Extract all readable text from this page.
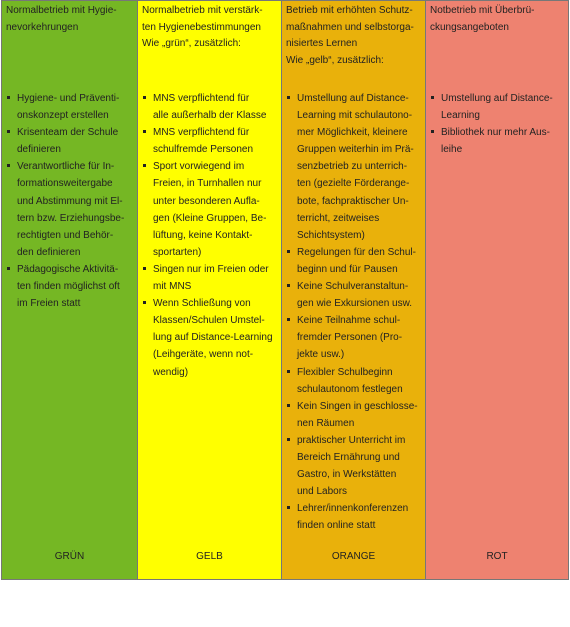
Normalbetrieb mit Hygie-
nevorkehrungen
Hygiene- und Präventi-
onskonzept erstellen
Krisenteam der Schule
definieren
Verantwortliche für In-
formationsweitergabe
und Abstimmung mit El-
tern bzw. Erziehungsbe-
rechtigten und Behör-
den definieren
Pädagogische Aktivitä-
ten finden möglichst oft
im Freien statt
GRÜN
Normalbetrieb mit verstärk-
ten Hygienebestimmungen
Wie „grün“, zusätzlich:
MNS verpflichtend für
alle außerhalb der Klasse
MNS verpflichtend für
schulfremde Personen
Sport vorwiegend im
Freien, in Turnhallen nur
unter besonderen Aufla-
gen (Kleine Gruppen, Be-
lüftung, keine Kontakt-
sportarten)
Singen nur im Freien oder
mit MNS
Wenn Schließung von
Klassen/Schulen Umstel-
lung auf Distance-Learning
(Leihgeräte, wenn not-
wendig)
GELB
Betrieb mit erhöhten Schutz-
maßnahmen und selbstorga-
nisiertes Lernen
Wie „gelb“, zusätzlich:
Umstellung auf Distance-
Learning mit schulautono-
mer Möglichkeit, kleinere
Gruppen weiterhin im Prä-
senzbetrieb zu unterrich-
ten (gezielte Förderange-
bote, fachpraktischer Un-
terricht, zeitweises
Schichtsystem)
Regelungen für den Schul-
beginn und für Pausen
Keine Schulveranstaltun-
gen wie Exkursionen usw.
Keine Teilnahme schul-
fremder Personen (Pro-
jekte usw.)
Flexibler Schulbeginn
schulautonom festlegen
Kein Singen in geschlosse-
nen Räumen
praktischer Unterricht im
Bereich Ernährung und
Gastro, in Werkstätten
und Labors
Lehrer/innenkonferenzen
finden online statt
ORANGE
Notbetrieb mit Überbrü-
ckungsangeboten
Umstellung auf Distance-
Learning
Bibliothek nur mehr Aus-
leihe
ROT
